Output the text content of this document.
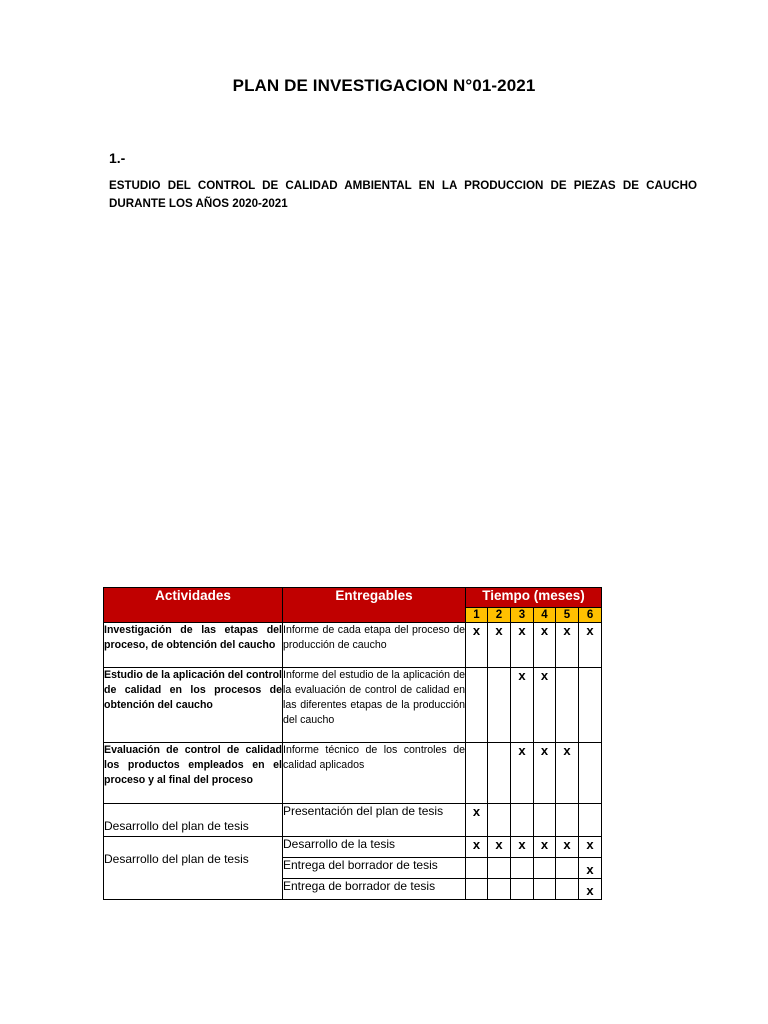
PLAN DE INVESTIGACION N°01-2021
1.-
ESTUDIO DEL CONTROL DE CALIDAD AMBIENTAL EN LA PRODUCCION DE PIEZAS DE CAUCHO DURANTE LOS AÑOS 2020-2021
Actividades	Entregables	Tiempo (meses)					
		1	2	3	4	5	6
Investigación de las etapas del proceso, de obtención del caucho	Informe de cada etapa del proceso de producción de caucho	x	x	x	x	x	x
Estudio de la aplicación del control de calidad en los procesos de obtención del caucho	Informe del estudio de la aplicación de la evaluación de control de calidad en las diferentes etapas de la producción del caucho			x	x		
Evaluación de control de calidad los productos empleados en el proceso y al final del proceso	Informe técnico de los controles de calidad aplicados			x	x	x	
Desarrollo del plan de tesis	Presentación del plan de tesis	x					
Desarrollo del plan de tesis	Desarrollo de la tesis	x	x	x	x	x	x
	Entrega del borrador de tesis						x
	Entrega de borrador de tesis						x
